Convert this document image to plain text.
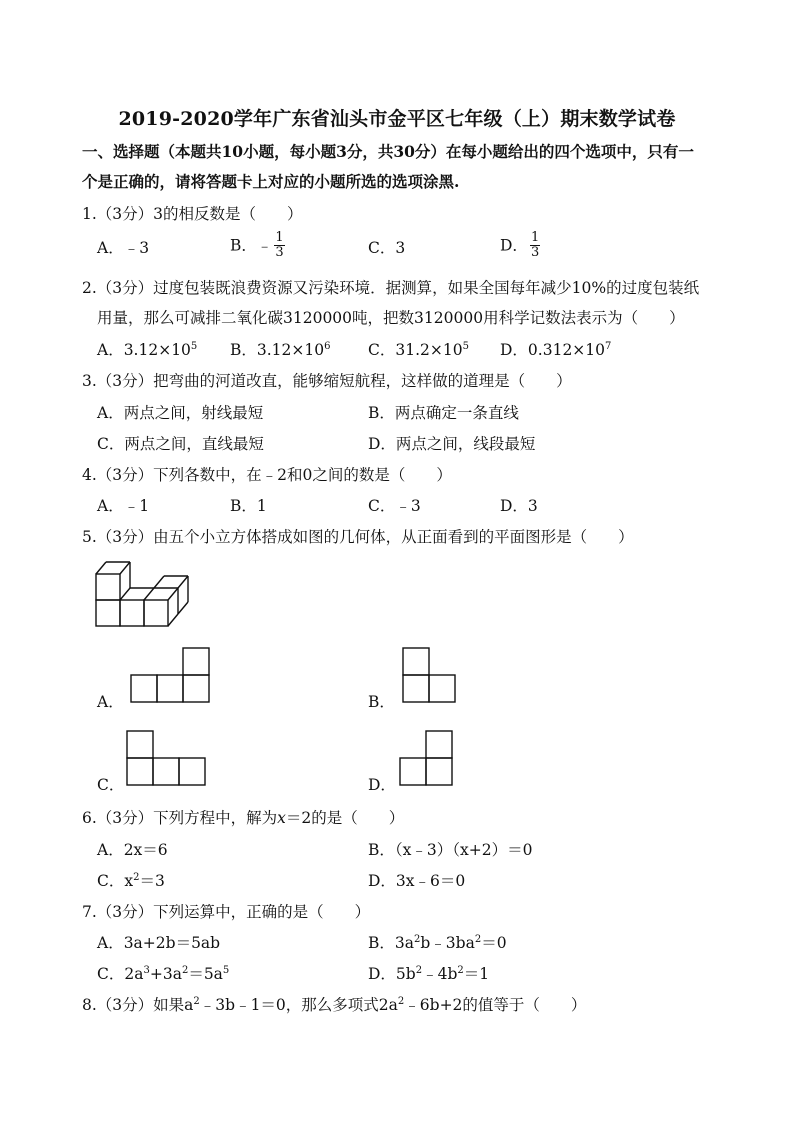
2019-2020学年广东省汕头市金平区七年级（上）期末数学试卷
一、选择题（本题共10小题，每小题3分，共30分）在每小题给出的四个选项中，只有一
个是正确的，请将答题卡上对应的小题所选的选项涂黑.
1.（3分）3的相反数是（　　）
A．﹣3	B．﹣ $\frac{1}{3}$	C．3	D． $\frac{1}{3}$
2.（3分）过度包装既浪费资源又污染环境．据测算，如果全国每年减少10%的过度包装纸
用量，那么可减排二氧化碳3120000吨，把数3120000用科学记数法表示为（　　）
A．$3.12\times 10^5$ B．$3.12\times 10^6$ C．$31.2\times 10^5$ D．$0.312\times 10^7$
3.（3分）把弯曲的河道改直，能够缩短航程，这样做的道理是（　　）
A．两点之间，射线最短	B．两点确定一条直线
C．两点之间，直线最短	D．两点之间，线段最短
4.（3分）下列各数中，在﹣2和0之间的数是（　　）
A．﹣1	B．1	C．﹣3	D．3
5.（3分）由五个小立方体搭成如图的几何体，从正面看到的平面图形是（　　）
A．	B．
C．	D．
6.（3分）下列方程中，解为x＝2的是（　　）
A．2x＝6	B．（x﹣3）（x+2）＝0
C．$x^2=3$	D．3x﹣6＝0
7.（3分）下列运算中，正确的是（　　）
A．3a+2b＝5ab	B．$3a^2b﹣3ba^2=0$
C．$2a^3+3a^2=5a^5$	D．$5b^2﹣4b^2=1$
8.（3分）如果$a^2﹣3b﹣1=0$，那么多项式$2a^2﹣6b+2$的值等于（　　）
